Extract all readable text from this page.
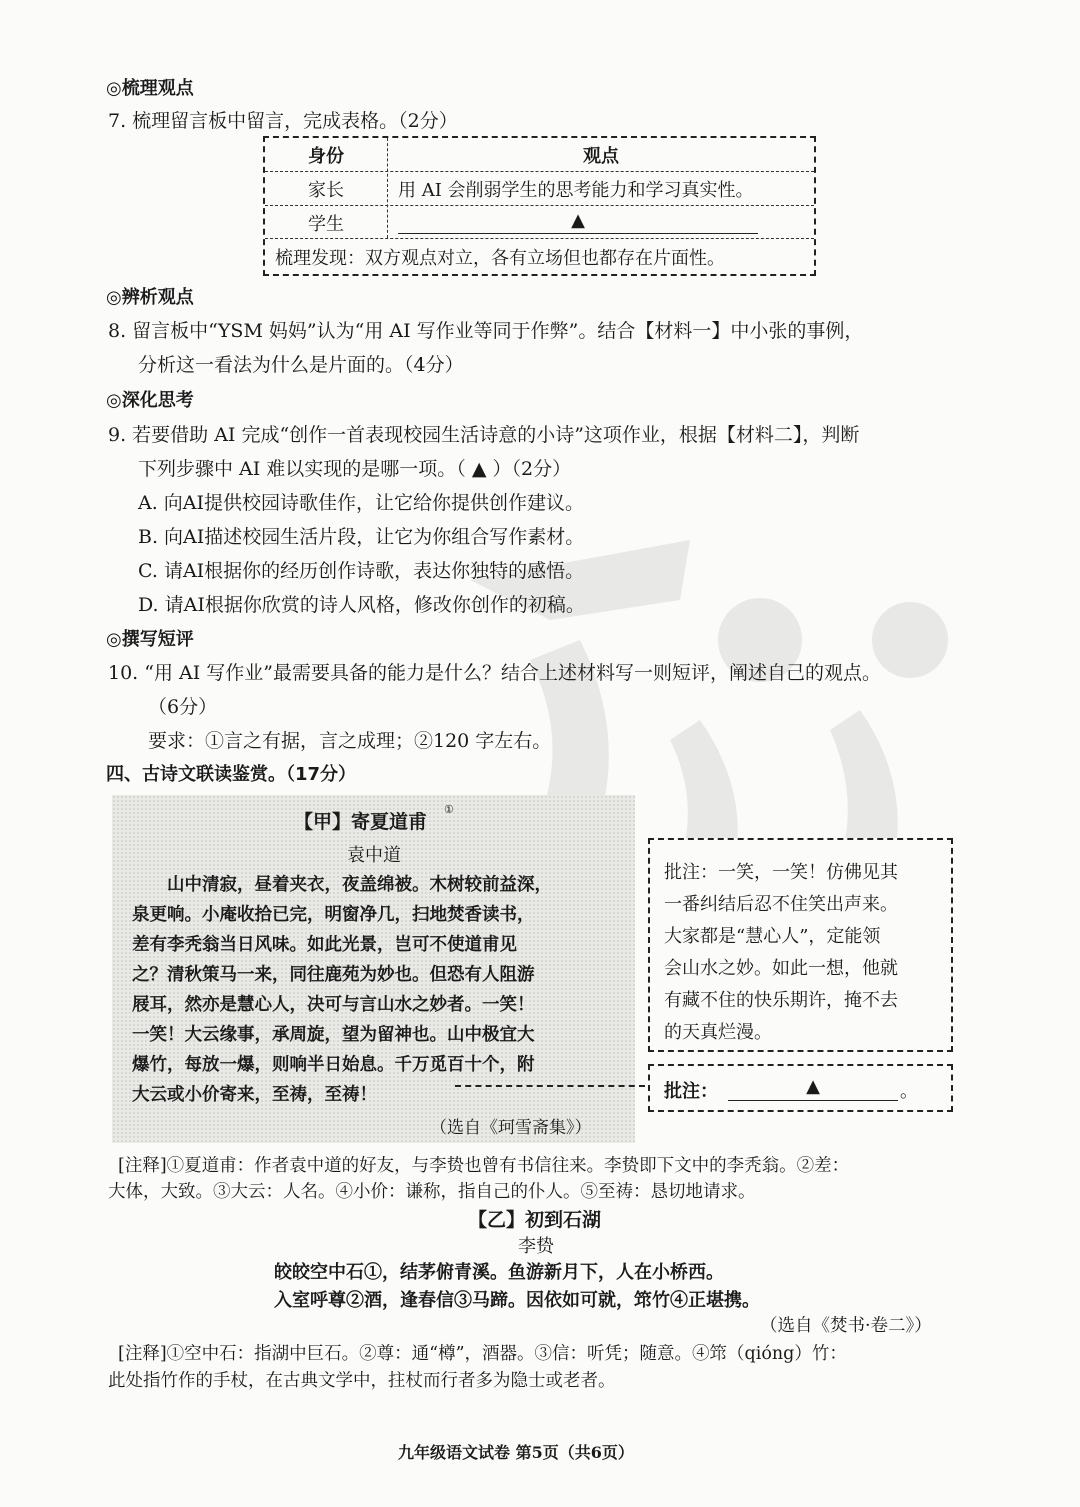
◎梳理观点
7. 梳理留言板中留言，完成表格。（2分）
身份	观点
家长	用 AI 会削弱学生的思考能力和学习真实性。
学生	▲
梳理发现：双方观点对立，各有立场但也都存在片面性。
◎辨析观点
8. 留言板中“YSM 妈妈”认为“用 AI 写作业等同于作弊”。结合【材料一】中小张的事例，
分析这一看法为什么是片面的。（4分）
◎深化思考
9. 若要借助 AI 完成“创作一首表现校园生活诗意的小诗”这项作业，根据【材料二】，判断
下列步骤中 AI 难以实现的是哪一项。（ ▲ ）（2分）
A. 向AI提供校园诗歌佳作，让它给你提供创作建议。
B. 向AI描述校园生活片段，让它为你组合写作素材。
C. 请AI根据你的经历创作诗歌，表达你独特的感悟。
D. 请AI根据你欣赏的诗人风格，修改你创作的初稿。
◎撰写短评
10. “用 AI 写作业”最需要具备的能力是什么？结合上述材料写一则短评，阐述自己的观点。
（6分）
要求：①言之有据，言之成理；②120 字左右。
四、古诗文联读鉴赏。（17分）
【甲】寄夏道甫
①
袁中道
山中清寂，昼着夹衣，夜盖绵被。木树较前益深，
泉更响。小庵收拾已完，明窗净几，扫地焚香读书，
差有李秃翁当日风味。如此光景，岂可不使道甫见
之？清秋策马一来，同往鹿苑为妙也。但恐有人阻游
屐耳，然亦是慧心人，决可与言山水之妙者。一笑！
一笑！大云缘事，承周旋，望为留神也。山中极宜大
爆竹，每放一爆，则响半日始息。千万觅百十个，附
大云或小价寄来，至祷，至祷！
（选自《珂雪斋集》）
批注：一笑，一笑！仿佛见其
一番纠结后忍不住笑出声来。
大家都是“慧心人”，定能领
会山水之妙。如此一想，他就
有藏不住的快乐期许，掩不去
的天真烂漫。
批注：	▲	。
[注释]①夏道甫：作者袁中道的好友，与李贽也曾有书信往来。李贽即下文中的李秃翁。②差：
大体，大致。③大云：人名。④小价：谦称，指自己的仆人。⑤至祷：恳切地请求。
【乙】初到石湖
李贽
皎皎空中石①，结茅俯青溪。鱼游新月下，人在小桥西。
入室呼尊②酒，逢春信③马蹄。因依如可就，筇竹④正堪携。
（选自《焚书·卷二》）
[注释]①空中石：指湖中巨石。②尊：通“樽”，酒器。③信：听凭；随意。④筇（qióng）竹：
此处指竹作的手杖，在古典文学中，拄杖而行者多为隐士或老者。
九年级语文试卷 第5页（共6页）
